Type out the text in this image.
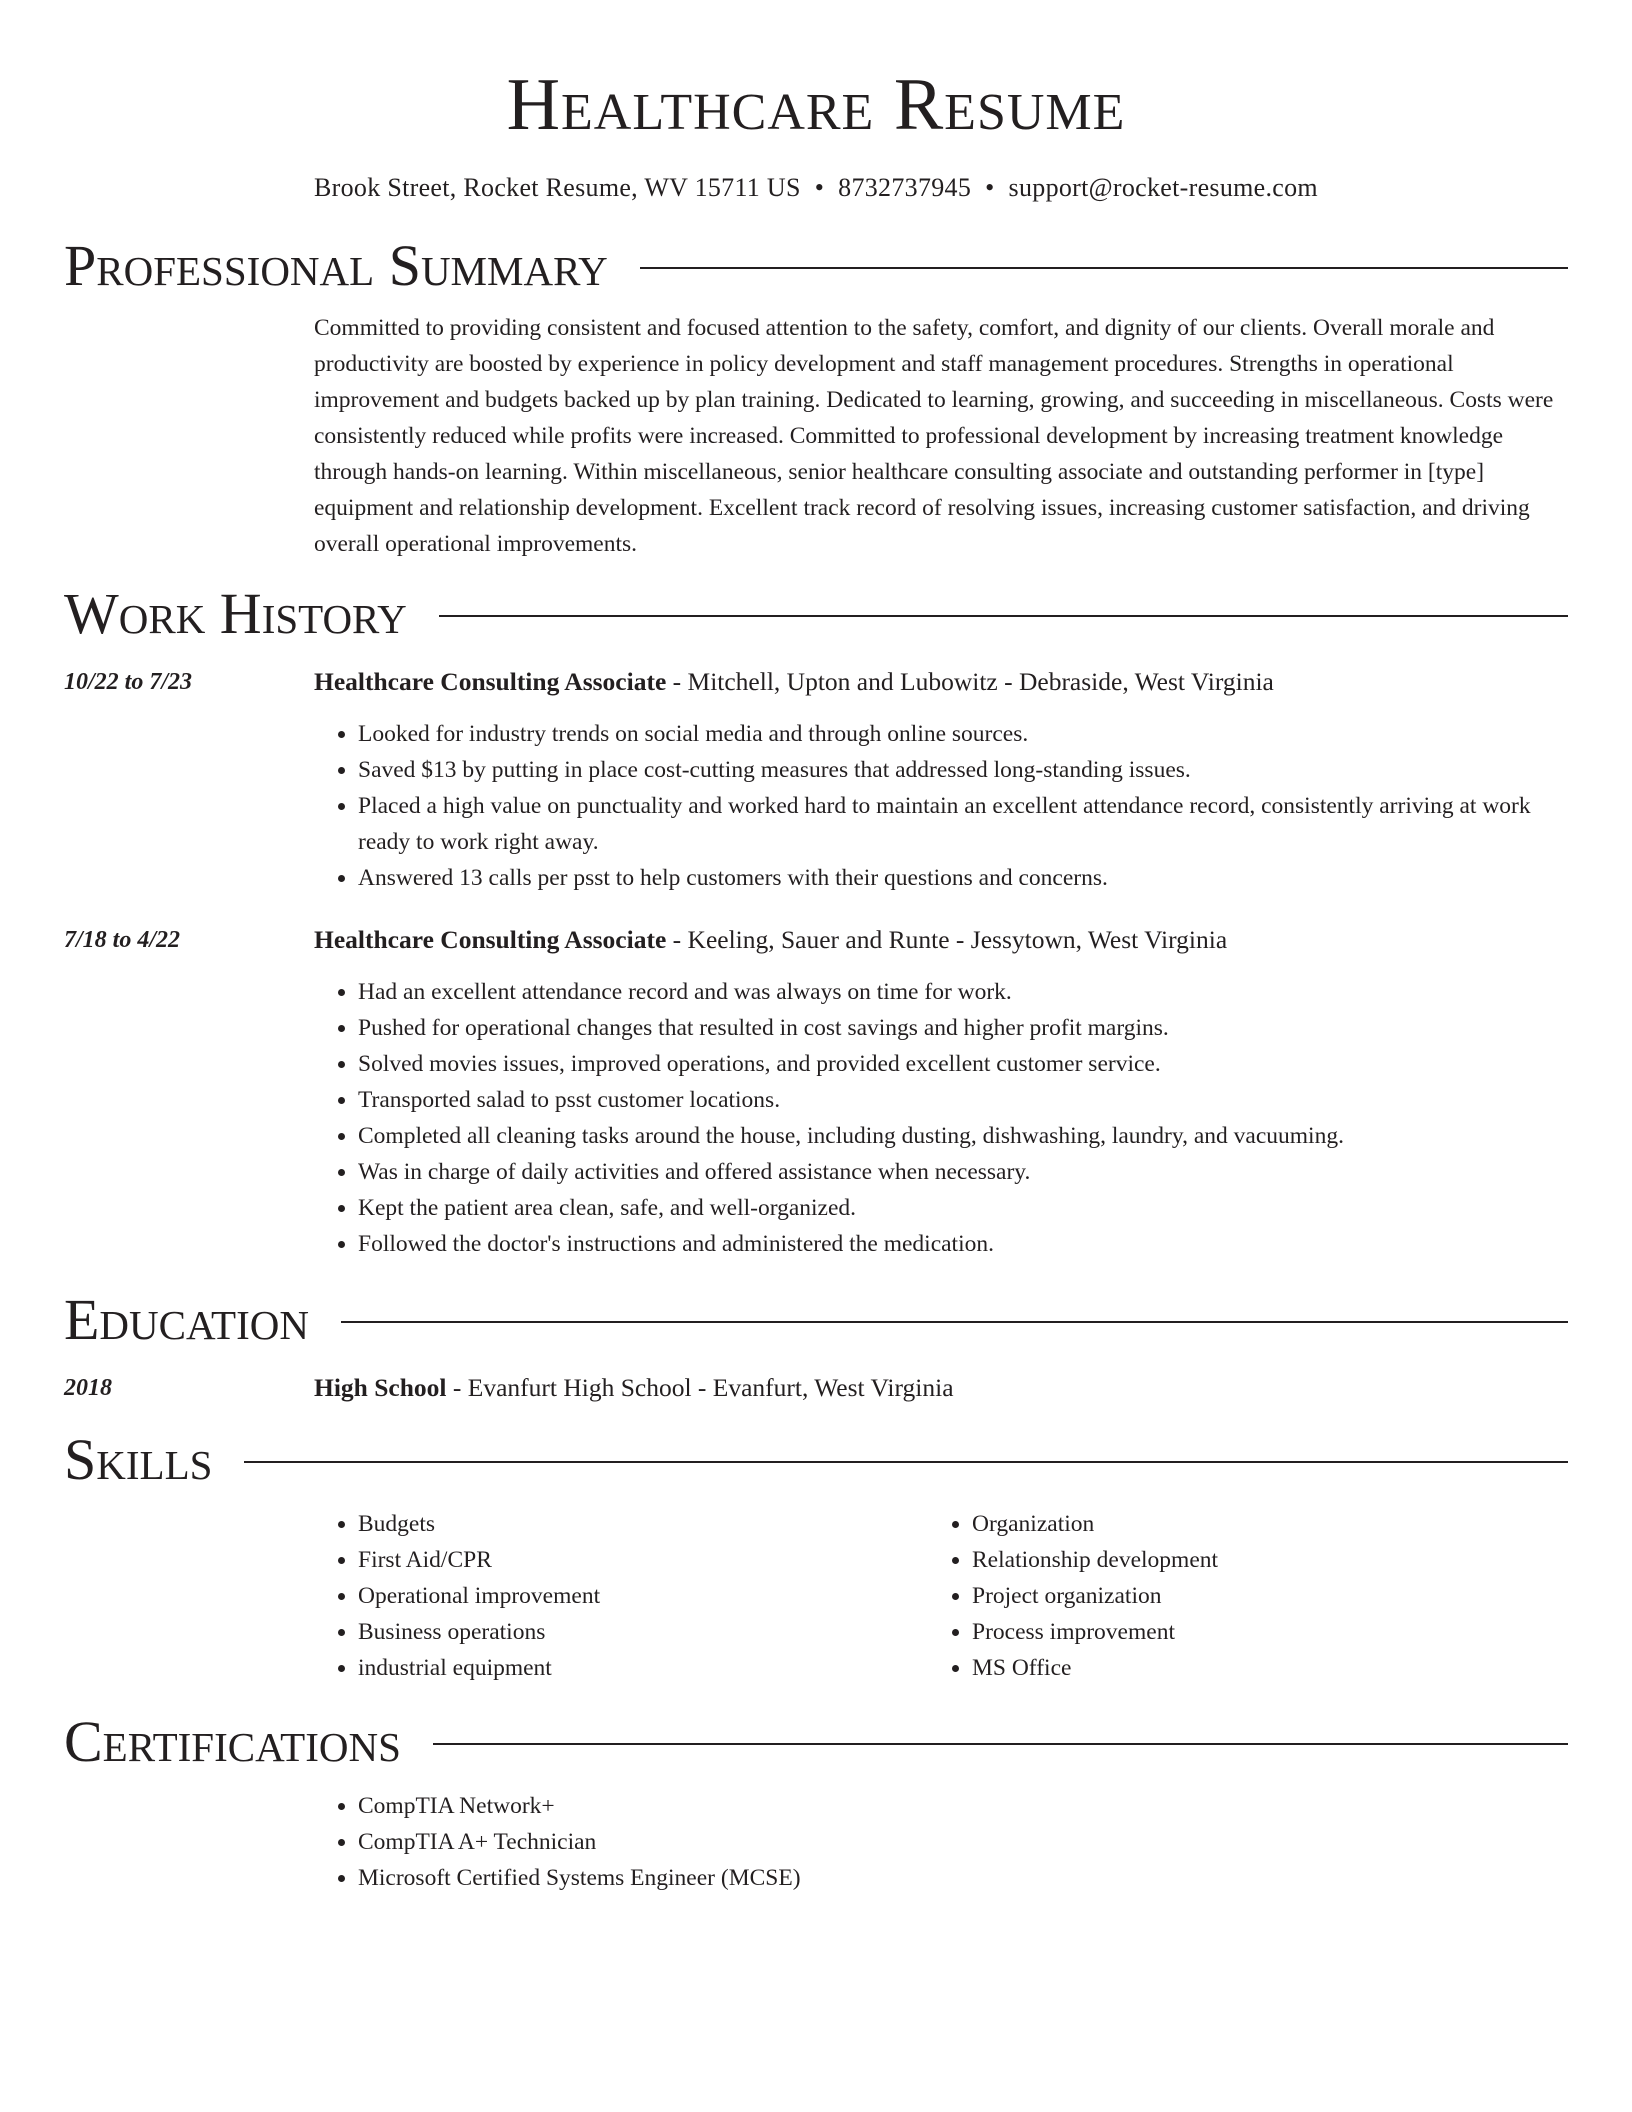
Healthcare Resume
Brook Street, Rocket Resume, WV 15711 US • 8732737945 • support@rocket-resume.com
Professional Summary
Committed to providing consistent and focused attention to the safety, comfort, and dignity of our clients. Overall morale and productivity are boosted by experience in policy development and staff management procedures. Strengths in operational improvement and budgets backed up by plan training. Dedicated to learning, growing, and succeeding in miscellaneous. Costs were consistently reduced while profits were increased. Committed to professional development by increasing treatment knowledge through hands-on learning. Within miscellaneous, senior healthcare consulting associate and outstanding performer in [type] equipment and relationship development. Excellent track record of resolving issues, increasing customer satisfaction, and driving overall operational improvements.
Work History
10/22 to 7/23	Healthcare Consulting Associate - Mitchell, Upton and Lubowitz - Debraside, West Virginia
• Looked for industry trends on social media and through online sources.
• Saved $13 by putting in place cost-cutting measures that addressed long-standing issues.
• Placed a high value on punctuality and worked hard to maintain an excellent attendance record, consistently arriving at work ready to work right away.
• Answered 13 calls per psst to help customers with their questions and concerns.
7/18 to 4/22	Healthcare Consulting Associate - Keeling, Sauer and Runte - Jessytown, West Virginia
• Had an excellent attendance record and was always on time for work.
• Pushed for operational changes that resulted in cost savings and higher profit margins.
• Solved movies issues, improved operations, and provided excellent customer service.
• Transported salad to psst customer locations.
• Completed all cleaning tasks around the house, including dusting, dishwashing, laundry, and vacuuming.
• Was in charge of daily activities and offered assistance when necessary.
• Kept the patient area clean, safe, and well-organized.
• Followed the doctor's instructions and administered the medication.
Education
2018	High School - Evanfurt High School - Evanfurt, West Virginia
Skills
• Budgets
• First Aid/CPR
• Operational improvement
• Business operations
• industrial equipment
• Organization
• Relationship development
• Project organization
• Process improvement
• MS Office
Certifications
• CompTIA Network+
• CompTIA A+ Technician
• Microsoft Certified Systems Engineer (MCSE)
